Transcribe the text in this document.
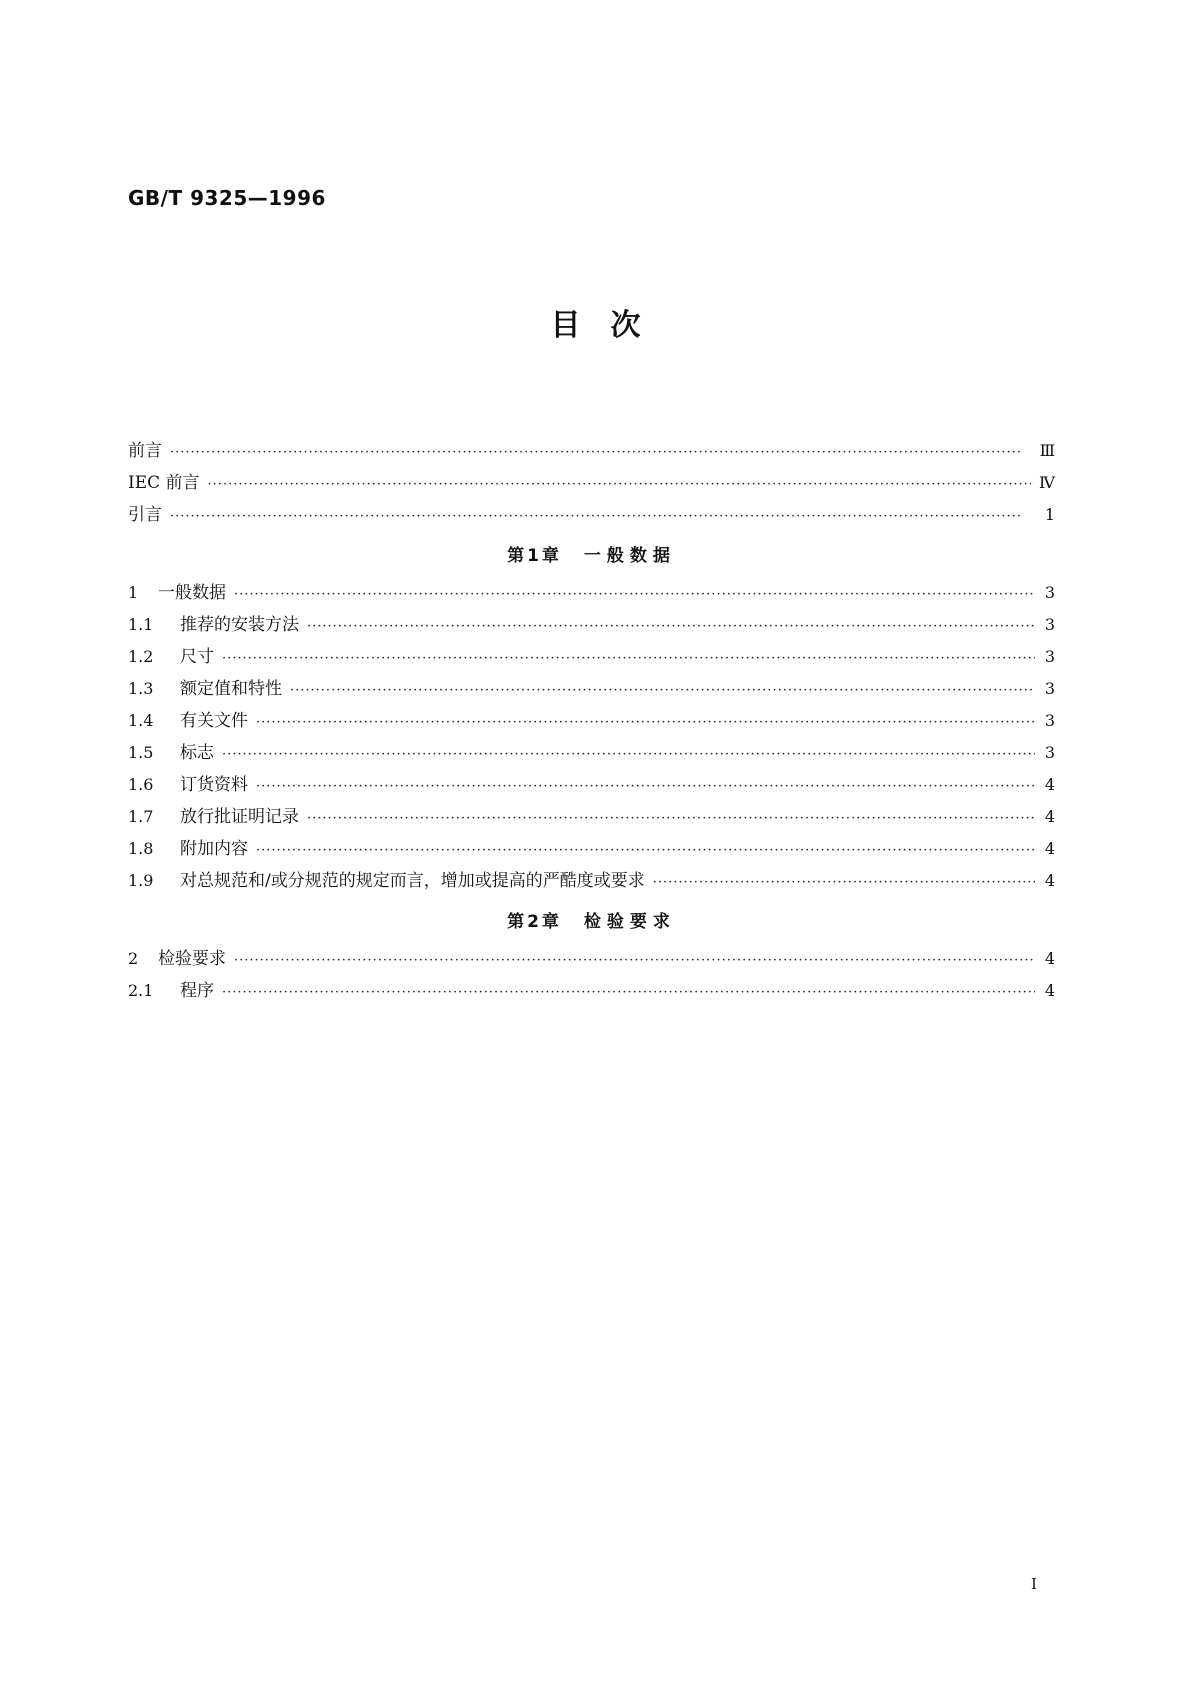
GB/T 9325—1996
目　次
前言 ·····	Ⅲ
IEC 前言 ·····	Ⅳ
引言 ·····	1
第1章 一般数据
1	一般数据 ·····	3
1.1	推荐的安装方法 ·····	3
1.2	尺寸 ·····	3
1.3	额定值和特性 ·····	3
1.4	有关文件 ·····	3
1.5	标志 ·····	3
1.6	订货资料 ·····	4
1.7	放行批证明记录 ·····	4
1.8	附加内容 ·····	4
1.9	对总规范和/或分规范的规定而言，增加或提高的严酷度或要求 ·····	4
第2章 检验要求
2	检验要求 ·····	4
2.1	程序 ·····	4
I
